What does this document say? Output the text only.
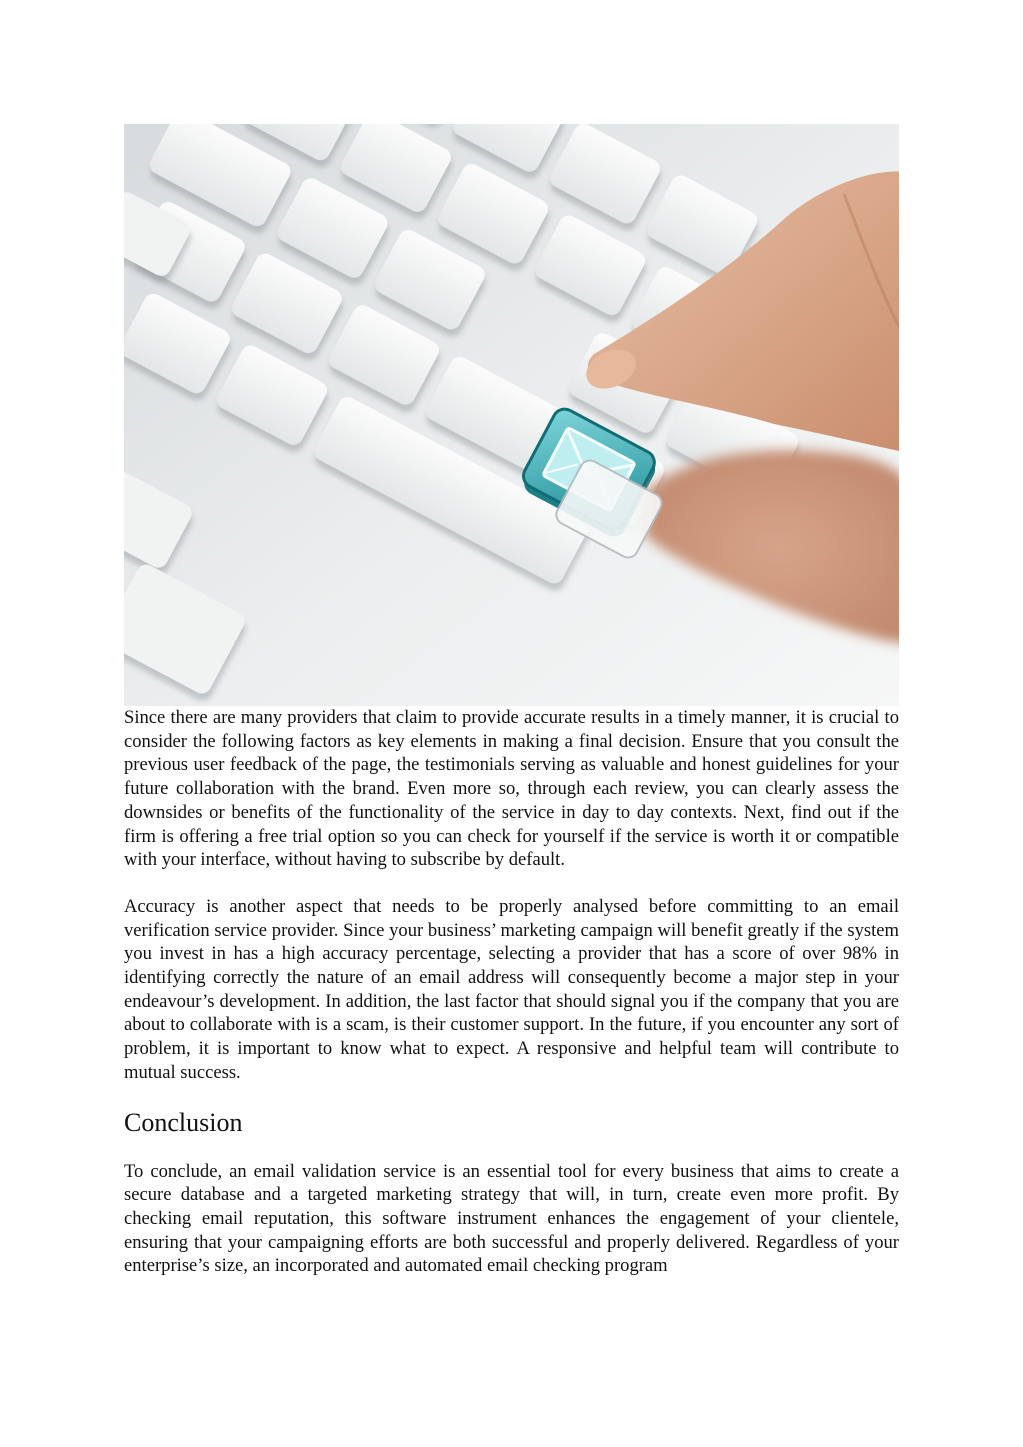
Since there are many providers that claim to provide accurate results in a timely manner, it is crucial to consider the following factors as key elements in making a final decision. Ensure that you consult the previous user feedback of the page, the testimonials serving as valuable and honest guidelines for your future collaboration with the brand. Even more so, through each review, you can clearly assess the downsides or benefits of the functionality of the service in day to day contexts. Next, find out if the firm is offering a free trial option so you can check for yourself if the service is worth it or compatible with your interface, without having to subscribe by default.

Accuracy is another aspect that needs to be properly analysed before committing to an email verification service provider. Since your business’ marketing campaign will benefit greatly if the system you invest in has a high accuracy percentage, selecting a provider that has a score of over 98% in identifying correctly the nature of an email address will consequently become a major step in your endeavour’s development. In addition, the last factor that should signal you if the company that you are about to collaborate with is a scam, is their customer support. In the future, if you encounter any sort of problem, it is important to know what to expect. A responsive and helpful team will contribute to mutual success.

Conclusion

To conclude, an email validation service is an essential tool for every business that aims to create a secure database and a targeted marketing strategy that will, in turn, create even more profit. By checking email reputation, this software instrument enhances the engagement of your clientele, ensuring that your campaigning efforts are both successful and properly delivered. Regardless of your enterprise’s size, an incorporated and automated email checking program
